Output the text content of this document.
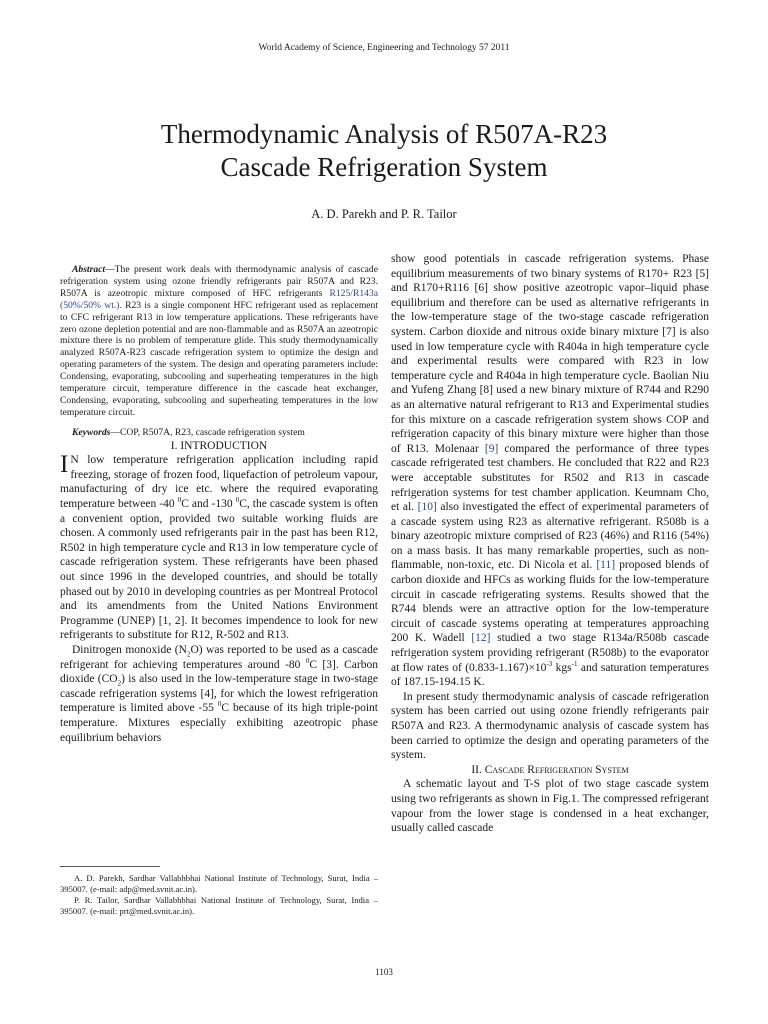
World Academy of Science, Engineering and Technology 57 2011
Thermodynamic Analysis of R507A-R23
Cascade Refrigeration System
A. D. Parekh and P. R. Tailor

Abstract—The present work deals with thermodynamic analysis of cascade refrigeration system using ozone friendly refrigerants pair R507A and R23. R507A is azeotropic mixture composed of HFC refrigerants R125/R143a (50%/50% wt.). R23 is a single component HFC refrigerant used as replacement to CFC refrigerant R13 in low temperature applications. These refrigerants have zero ozone depletion potential and are non-flammable and as R507A an azeotropic mixture there is no problem of temperature glide. This study thermodynamically analyzed R507A-R23 cascade refrigeration system to optimize the design and operating parameters of the system. The design and operating parameters include: Condensing, evaporating, subcooling and superheating temperatures in the high temperature circuit, temperature difference in the cascade heat exchanger, Condensing, evaporating, subcooling and superheating temperatures in the low temperature circuit.

Keywords—COP, R507A, R23, cascade refrigeration system

I. INTRODUCTION

I N low temperature refrigeration application including rapid freezing, storage of frozen food, liquefaction of petroleum vapour, manufacturing of dry ice etc. where the required evaporating temperature between -40 $^0$C and -130 $^0$C, the cascade system is often a convenient option, provided two suitable working fluids are chosen. A commonly used refrigerants pair in the past has been R12, R502 in high temperature cycle and R13 in low temperature cycle of cascade refrigeration system. These refrigerants have been phased out since 1996 in the developed countries, and should be totally phased out by 2010 in developing countries as per Montreal Protocol and its amendments from the United Nations Environment Programme (UNEP) [1, 2]. It becomes impendence to look for new refrigerants to substitute for R12, R-502 and R13.

Dinitrogen monoxide $(N_2O)$ was reported to be used as a cascade refrigerant for achieving temperatures around -80 $^0$C [3]. Carbon dioxide $(CO_2)$ is also used in the low-temperature stage in two-stage cascade refrigeration systems [4], for which the lowest refrigeration temperature is limited above -55 $^0$C because of its high triple-point temperature. Mixtures especially exhibiting azeotropic phase equilibrium behaviors

A. D. Parekh, Sardhar Vallabhbhai National Institute of Technology, Surat, India – 395007. (e-mail: adp@med.svnit.ac.in).

P. R. Tailor, Sardhar Vallabhbhai National Institute of Technology, Surat, India – 395007. (e-mail: prt@med.svnit.ac.in).

show good potentials in cascade refrigeration systems. Phase equilibrium measurements of two binary systems of R170+ R23 [5] and R170+R116 [6] show positive azeotropic vapor–liquid phase equilibrium and therefore can be used as alternative refrigerants in the low-temperature stage of the two-stage cascade refrigeration system. Carbon dioxide and nitrous oxide binary mixture [7] is also used in low temperature cycle with R404a in high temperature cycle and experimental results were compared with R23 in low temperature cycle and R404a in high temperature cycle. Baolian Niu and Yufeng Zhang [8] used a new binary mixture of R744 and R290 as an alternative natural refrigerant to R13 and Experimental studies for this mixture on a cascade refrigeration system shows COP and refrigeration capacity of this binary mixture were higher than those of R13. Molenaar [9] compared the performance of three types cascade refrigerated test chambers. He concluded that R22 and R23 were acceptable substitutes for R502 and R13 in cascade refrigeration systems for test chamber application. Keumnam Cho, et al. [10] also investigated the effect of experimental parameters of a cascade system using R23 as alternative refrigerant. R508b is a binary azeotropic mixture comprised of R23 (46%) and R116 (54%) on a mass basis. It has many remarkable properties, such as non-flammable, non-toxic, etc. Di Nicola et al. [11] proposed blends of carbon dioxide and HFCs as working fluids for the low-temperature circuit in cascade refrigerating systems. Results showed that the R744 blends were an attractive option for the low-temperature circuit of cascade systems operating at temperatures approaching 200 K. Wadell [12] studied a two stage R134a/R508b cascade refrigeration system providing refrigerant (R508b) to the evaporator at flow rates of $(0.833-1.167)\times 10^{-3}$ kgs$^{-1}$ and saturation temperatures of 187.15-194.15 K.

In present study thermodynamic analysis of cascade refrigeration system has been carried out using ozone friendly refrigerants pair R507A and R23. A thermodynamic analysis of cascade system has been carried to optimize the design and operating parameters of the system.

II. Cascade Refrigeration System

A schematic layout and T-S plot of two stage cascade system using two refrigerants as shown in Fig.1. The compressed refrigerant vapour from the lower stage is condensed in a heat exchanger, usually called cascade

1103
